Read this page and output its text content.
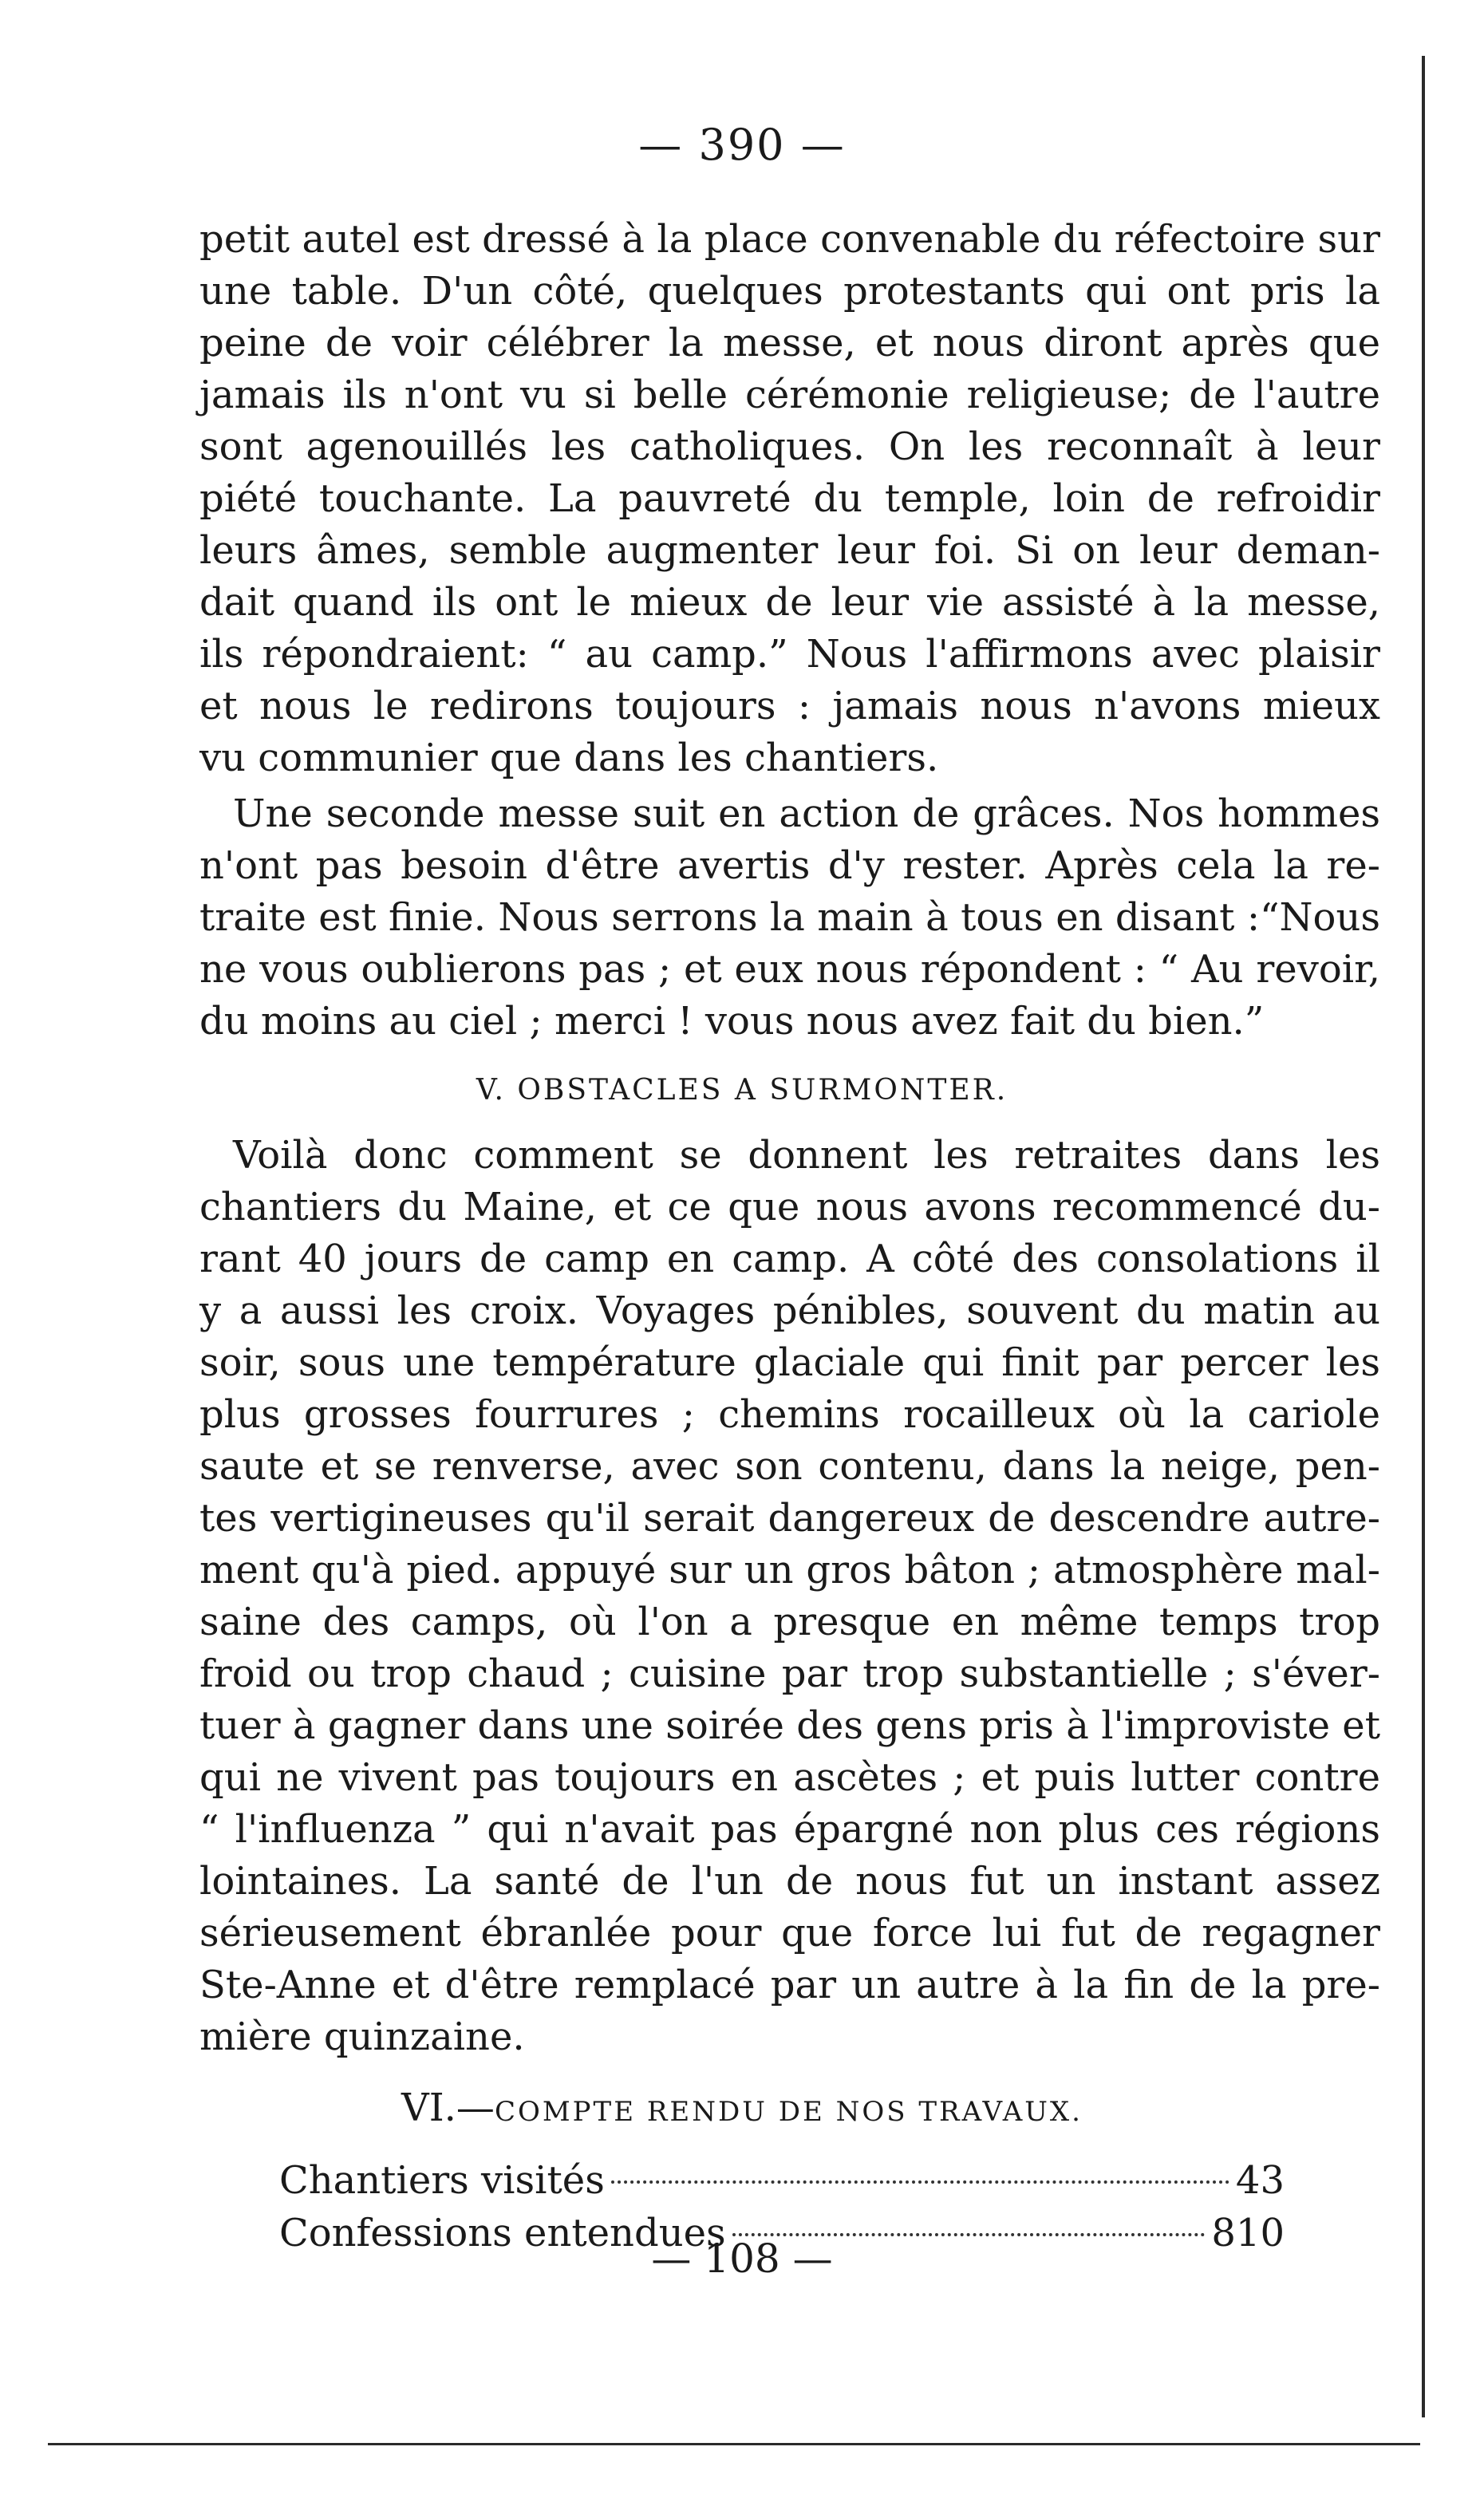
— 390 —
petit autel est dressé à la place convenable du réfectoire sur
une table. D'un côté, quelques protestants qui ont pris la
peine de voir célébrer la messe, et nous diront après que
jamais ils n'ont vu si belle cérémonie religieuse; de l'autre
sont agenouillés les catholiques. On les reconnaît à leur
piété touchante. La pauvreté du temple, loin de refroidir
leurs âmes, semble augmenter leur foi. Si on leur deman-
dait quand ils ont le mieux de leur vie assisté à la messe,
ils répondraient: “ au camp.” Nous l'affirmons avec plaisir
et nous le redirons toujours : jamais nous n'avons mieux
vu communier que dans les chantiers.
Une seconde messe suit en action de grâces. Nos hommes
n'ont pas besoin d'être avertis d'y rester. Après cela la re-
traite est finie. Nous serrons la main à tous en disant :“Nous
ne vous oublierons pas ; et eux nous répondent : “ Au revoir,
du moins au ciel ; merci ! vous nous avez fait du bien.”
V. OBSTACLES A SURMONTER.
Voilà donc comment se donnent les retraites dans les
chantiers du Maine, et ce que nous avons recommencé du-
rant 40 jours de camp en camp. A côté des consolations il
y a aussi les croix. Voyages pénibles, souvent du matin au
soir, sous une température glaciale qui finit par percer les
plus grosses fourrures ; chemins rocailleux où la cariole
saute et se renverse, avec son contenu, dans la neige, pen-
tes vertigineuses qu'il serait dangereux de descendre autre-
ment qu'à pied. appuyé sur un gros bâton ; atmosphère mal-
saine des camps, où l'on a presque en même temps trop
froid ou trop chaud ; cuisine par trop substantielle ; s'éver-
tuer à gagner dans une soirée des gens pris à l'improviste et
qui ne vivent pas toujours en ascètes ; et puis lutter contre
“ l'influenza ” qui n'avait pas épargné non plus ces régions
lointaines. La santé de l'un de nous fut un instant assez
sérieusement ébranlée pour que force lui fut de regagner
Ste-Anne et d'être remplacé par un autre à la fin de la pre-
mière quinzaine.
VI.—COMPTE RENDU DE NOS TRAVAUX.
Chantiers visités	43
Confessions entendues	810
— 108 —
